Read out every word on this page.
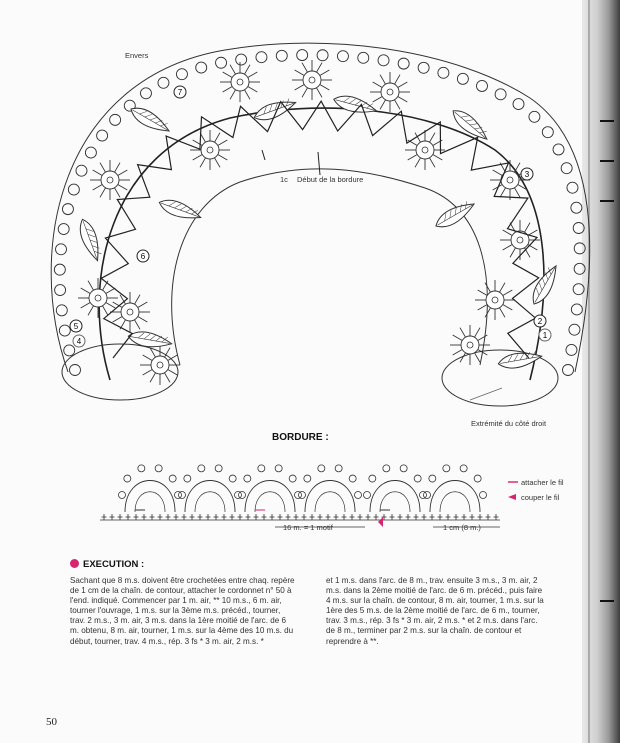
7
3
6
5
4
2
1
Envers
1c Début de la bordure
Extrémité du côté droit
BORDURE :
attacher le fil
couper le fil
16 m. = 1 motif	1 cm (8 m.)
EXECUTION :
Sachant que 8 m.s. doivent être crochetées entre chaq. repère de 1 cm de la chaîn. de contour, attacher le cordonnet n° 50 à l'end. indiqué. Commencer par 1 m. air, ** 10 m.s., 6 m. air, tourner l'ouvrage, 1 m.s. sur la 3ème m.s. précéd., tourner, trav. 2 m.s., 3 m. air, 3 m.s. dans la 1ère moitié de l'arc. de 6 m. obtenu, 8 m. air, tourner, 1 m.s. sur la 4ème des 10 m.s. du début, tourner, trav. 4 m.s., rép. 3 fs * 3 m. air, 2 m.s. *
et 1 m.s. dans l'arc. de 8 m., trav. ensuite 3 m.s., 3 m. air, 2 m.s. dans la 2ème moitié de l'arc. de 6 m. précéd., puis faire 4 m.s. sur la chaîn. de contour, 8 m. air, tourner, 1 m.s. sur la 1ère des 5 m.s. de la 2ème moitié de l'arc. de 6 m., tourner, trav. 3 m.s., rép. 3 fs * 3 m. air, 2 m.s. * et 2 m.s. dans l'arc. de 8 m., terminer par 2 m.s. sur la chaîn. de contour et reprendre à **.
50
